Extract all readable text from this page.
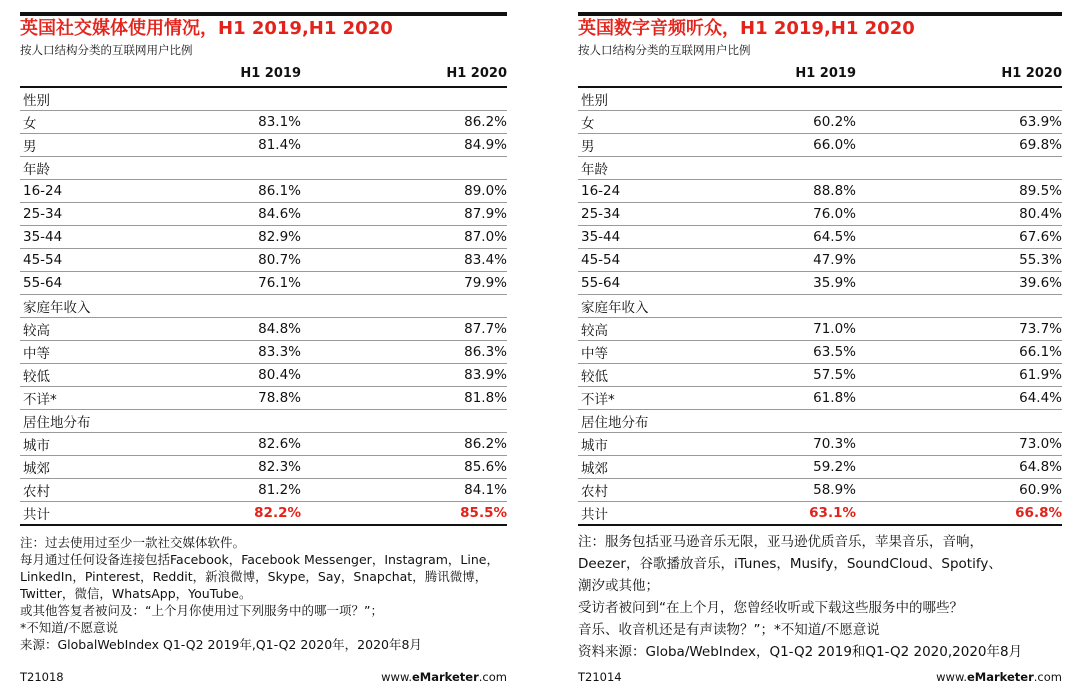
英国社交媒体使用情况，H1 2019,H1 2020
按人口结构分类的互联网用户比例
H1 2019	H1 2020
性别
女	83.1%	86.2%
男	81.4%	84.9%
年龄
16-24	86.1%	89.0%
25-34	84.6%	87.9%
35-44	82.9%	87.0%
45-54	80.7%	83.4%
55-64	76.1%	79.9%
家庭年收入
较高	84.8%	87.7%
中等	83.3%	86.3%
较低	80.4%	83.9%
不详*	78.8%	81.8%
居住地分布
城市	82.6%	86.2%
城郊	82.3%	85.6%
农村	81.2%	84.1%
共计	82.2%	85.5%
注：过去使用过至少一款社交媒体软件。
每月通过任何设备连接包括Facebook，Facebook Messenger，Instagram，Line，
LinkedIn，Pinterest，Reddit，新浪微博，Skype，Say，Snapchat，腾讯微博，
Twitter，微信，WhatsApp，YouTube。
或其他答复者被问及：“上个月你使用过下列服务中的哪一项？”；
*不知道/不愿意说
来源：GlobalWebIndex Q1-Q2 2019年,Q1-Q2 2020年，2020年8月
T21018	www.eMarketer.com
英国数字音频听众，H1 2019,H1 2020
按人口结构分类的互联网用户比例
H1 2019	H1 2020
性别
女	60.2%	63.9%
男	66.0%	69.8%
年龄
16-24	88.8%	89.5%
25-34	76.0%	80.4%
35-44	64.5%	67.6%
45-54	47.9%	55.3%
55-64	35.9%	39.6%
家庭年收入
较高	71.0%	73.7%
中等	63.5%	66.1%
较低	57.5%	61.9%
不详*	61.8%	64.4%
居住地分布
城市	70.3%	73.0%
城郊	59.2%	64.8%
农村	58.9%	60.9%
共计	63.1%	66.8%
注：服务包括亚马逊音乐无限，亚马逊优质音乐，苹果音乐，音响，
Deezer，谷歌播放音乐，iTunes，Musify，SoundCloud、Spotify、
潮汐或其他；
受访者被问到“在上个月，您曾经收听或下载这些服务中的哪些？
音乐、收音机还是有声读物？”；*不知道/不愿意说
资料来源：Globa/WebIndex，Q1-Q2 2019和Q1-Q2 2020,2020年8月
T21014	www.eMarketer.com
